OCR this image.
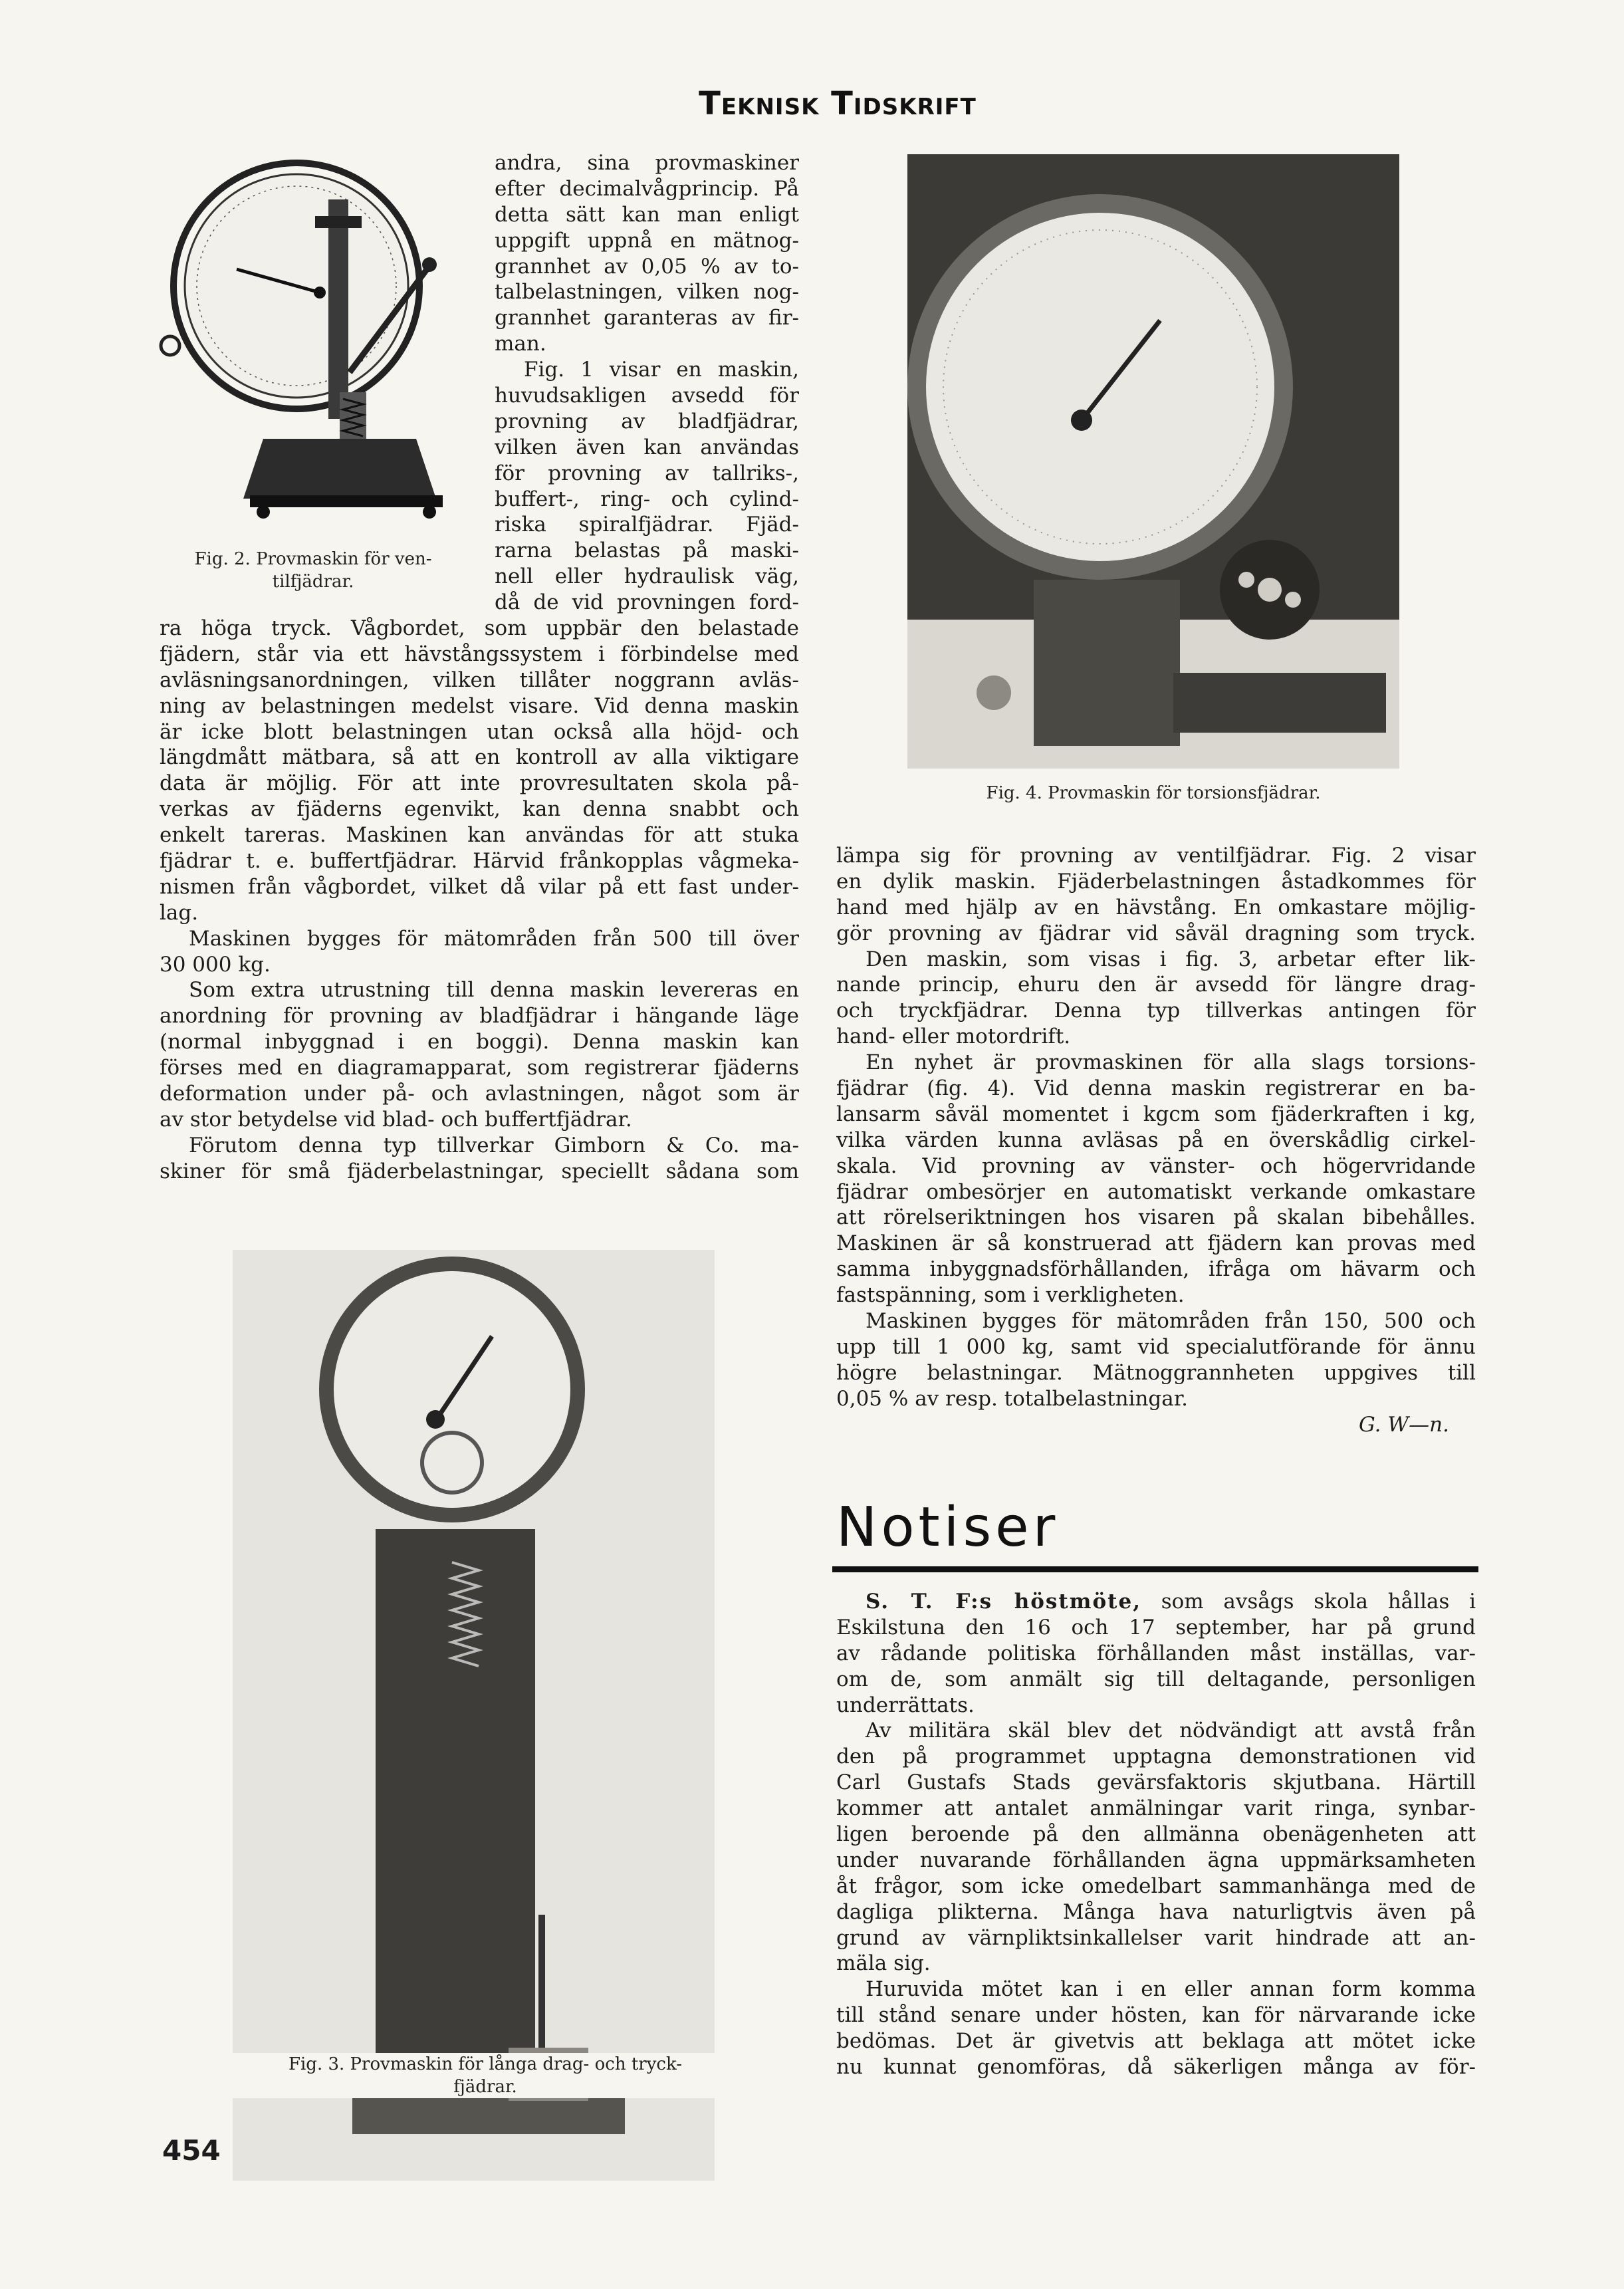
Teknisk Tidskrift
Fig. 2. Provmaskin för ven-
tilfjädrar.
andra, sina provmaskiner
efter decimalvågprincip. På
detta sätt kan man enligt
uppgift uppnå en mätnog-
grannhet av 0,05 % av to-
talbelastningen, vilken nog-
grannhet garanteras av fir-
man.
Fig. 1 visar en maskin,
huvudsakligen avsedd för
provning av bladfjädrar,
vilken även kan användas
för provning av tallriks-,
buffert-, ring- och cylind-
riska spiralfjädrar. Fjäd-
rarna belastas på maski-
nell eller hydraulisk väg,
då de vid provningen ford-
ra höga tryck. Vågbordet, som uppbär den belastade
fjädern, står via ett hävstångssystem i förbindelse med
avläsningsanordningen, vilken tillåter noggrann avläs-
ning av belastningen medelst visare. Vid denna maskin
är icke blott belastningen utan också alla höjd- och
längdmått mätbara, så att en kontroll av alla viktigare
data är möjlig. För att inte provresultaten skola på-
verkas av fjäderns egenvikt, kan denna snabbt och
enkelt tareras. Maskinen kan användas för att stuka
fjädrar t. e. buffertfjädrar. Härvid frånkopplas vågmeka-
nismen från vågbordet, vilket då vilar på ett fast under-
lag.
Maskinen bygges för mätområden från 500 till över
30 000 kg.
Som extra utrustning till denna maskin levereras en
anordning för provning av bladfjädrar i hängande läge
(normal inbyggnad i en boggi). Denna maskin kan
förses med en diagramapparat, som registrerar fjäderns
deformation under på- och avlastningen, något som är
av stor betydelse vid blad- och buffertfjädrar.
Förutom denna typ tillverkar Gimborn & Co. ma-
skiner för små fjäderbelastningar, speciellt sådana som
Fig. 4. Provmaskin för torsionsfjädrar.
lämpa sig för provning av ventilfjädrar. Fig. 2 visar
en dylik maskin. Fjäderbelastningen åstadkommes för
hand med hjälp av en hävstång. En omkastare möjlig-
gör provning av fjädrar vid såväl dragning som tryck.
Den maskin, som visas i fig. 3, arbetar efter lik-
nande princip, ehuru den är avsedd för längre drag-
och tryckfjädrar. Denna typ tillverkas antingen för
hand- eller motordrift.
En nyhet är provmaskinen för alla slags torsions-
fjädrar (fig. 4). Vid denna maskin registrerar en ba-
lansarm såväl momentet i kgcm som fjäderkraften i kg,
vilka värden kunna avläsas på en överskådlig cirkel-
skala. Vid provning av vänster- och högervridande
fjädrar ombesörjer en automatiskt verkande omkastare
att rörelseriktningen hos visaren på skalan bibehålles.
Maskinen är så konstruerad att fjädern kan provas med
samma inbyggnadsförhållanden, ifråga om hävarm och
fastspänning, som i verkligheten.
Maskinen bygges för mätområden från 150, 500 och
upp till 1 000 kg, samt vid specialutförande för ännu
högre belastningar. Mätnoggrannheten uppgives till
0,05 % av resp. totalbelastningar.
G. W—n.
Notiser
S. T. F:s höstmöte, som avsågs skola hållas i
Eskilstuna den 16 och 17 september, har på grund
av rådande politiska förhållanden måst inställas, var-
om de, som anmält sig till deltagande, personligen
underrättats.
Av militära skäl blev det nödvändigt att avstå från
den på programmet upptagna demonstrationen vid
Carl Gustafs Stads gevärsfaktoris skjutbana. Härtill
kommer att antalet anmälningar varit ringa, synbar-
ligen beroende på den allmänna obenägenheten att
under nuvarande förhållanden ägna uppmärksamheten
åt frågor, som icke omedelbart sammanhänga med de
dagliga plikterna. Många hava naturligtvis även på
grund av värnpliktsinkallelser varit hindrade att an-
mäla sig.
Huruvida mötet kan i en eller annan form komma
till stånd senare under hösten, kan för närvarande icke
bedömas. Det är givetvis att beklaga att mötet icke
nu kunnat genomföras, då säkerligen många av för-
Fig. 3. Provmaskin för långa drag- och tryck-
fjädrar.
454
